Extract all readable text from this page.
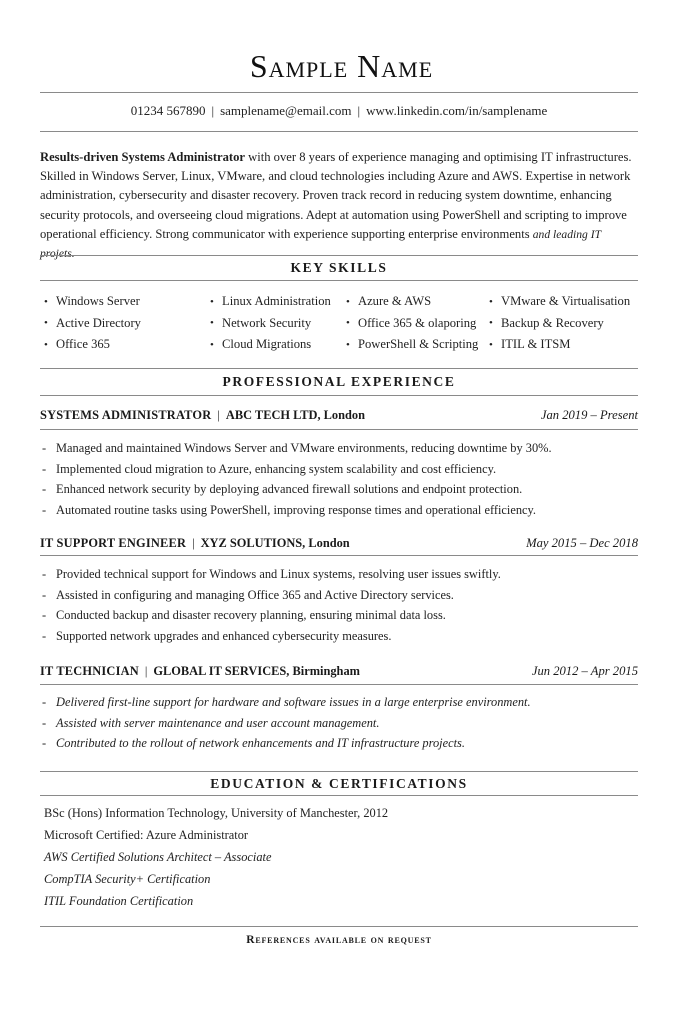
Sample Name
01234 567890 | samplename@email.com | www.linkedin.com/in/samplename
Results-driven Systems Administrator with over 8 years of experience managing and optimising IT infrastructures. Skilled in Windows Server, Linux, VMware, and cloud technologies including Azure and AWS. Expertise in network administration, cybersecurity and disaster recovery. Proven track record in reducing system downtime, enhancing security protocols, and overseeing cloud migrations. Adept at automation using PowerShell and scripting to improve operational efficiency. Strong communicator with experience supporting enterprise environments and leading IT projets.
KEY SKILLS
• Windows Server	• Linux Administration	• Azure & AWS	• VMware & Virtualisation
• Active Directory	• Network Security	• Office 365 & olaporing	• Backup & Recovery
• Office 365	• Cloud Migrations	• PowerShell & Scripting • ITIL & ITSM
PROFESSIONAL EXPERIENCE
SYSTEMS ADMINISTRATOR | ABC TECH LTD, London	Jan 2019 – Present
- Managed and maintained Windows Server and VMware environments, reducing downtime by 30%.
- Implemented cloud migration to Azure, enhancing system scalability and cost efficiency.
- Enhanced network security by deploying advanced firewall solutions and endpoint protection.
- Automated routine tasks using PowerShell, improving response times and operational efficiency.
IT SUPPORT ENGINEER | XYZ SOLUTIONS, London	May 2015 – Dec 2018
- Provided technical support for Windows and Linux systems, resolving user issues swiftly.
- Assisted in configuring and managing Office 365 and Active Directory services.
- Conducted backup and disaster recovery planning, ensuring minimal data loss.
- Supported network upgrades and enhanced cybersecurity measures.
IT TECHNICIAN | GLOBAL IT SERVICES, Birmingham	Jun 2012 – Apr 2015
- Delivered first-line support for hardware and software issues in a large enterprise environment.
- Assisted with server maintenance and user account management.
- Contributed to the rollout of network enhancements and IT infrastructure projects.
EDUCATION & CERTIFICATIONS
BSc (Hons) Information Technology, University of Manchester, 2012
Microsoft Certified: Azure Administrator
AWS Certified Solutions Architect – Associate
CompTIA Security+ Certification
ITIL Foundation Certification
References available on request
